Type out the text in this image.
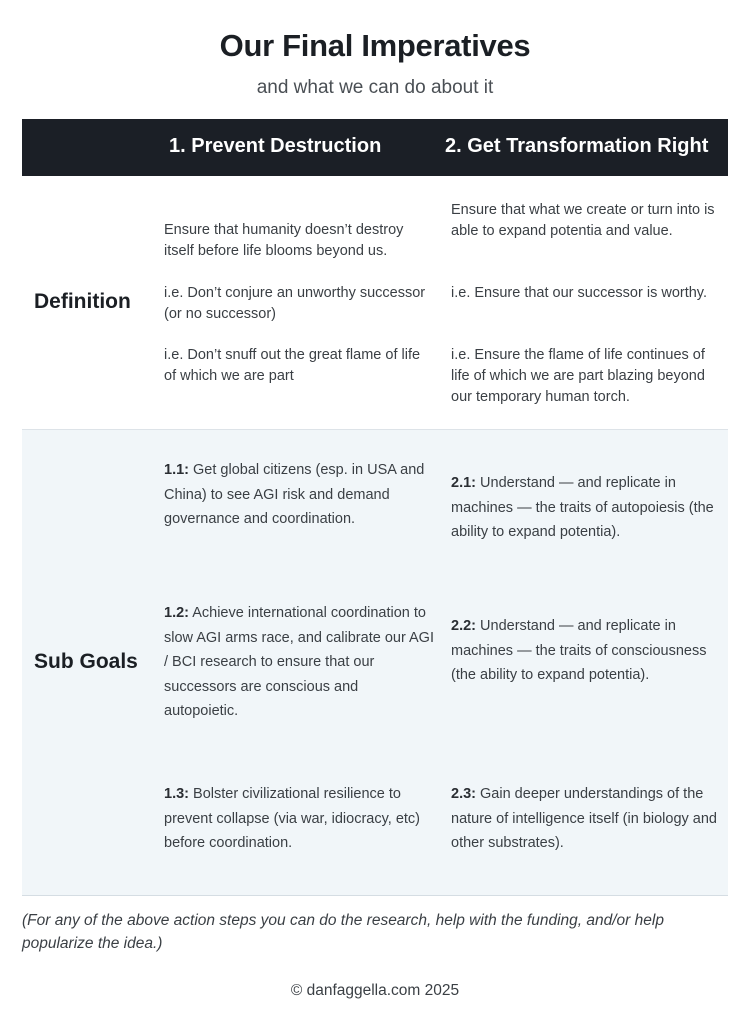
Our Final Imperatives
and what we can do about it
1. Prevent Destruction	2. Get Transformation Right
Definition
Ensure that humanity doesn’t destroy itself before life blooms beyond us.
i.e. Don’t conjure an unworthy successor (or no successor)
i.e. Don’t snuff out the great flame of life of which we are part
Ensure that what we create or turn into is able to expand potentia and value.
i.e. Ensure that our successor is worthy.
i.e. Ensure the flame of life continues of life of which we are part blazing beyond our temporary human torch.
Sub Goals
1.1: Get global citizens (esp. in USA and China) to see AGI risk and demand governance and coordination.
1.2: Achieve international coordination to slow AGI arms race, and calibrate our AGI / BCI research to ensure that our successors are conscious and autopoietic.
1.3: Bolster civilizational resilience to prevent collapse (via war, idiocracy, etc) before coordination.
2.1: Understand — and replicate in machines — the traits of autopoiesis (the ability to expand potentia).
2.2: Understand — and replicate in machines — the traits of consciousness (the ability to expand potentia).
2.3: Gain deeper understandings of the nature of intelligence itself (in biology and other substrates).
(For any of the above action steps you can do the research, help with the funding, and/or help popularize the idea.)
© danfaggella.com 2025
